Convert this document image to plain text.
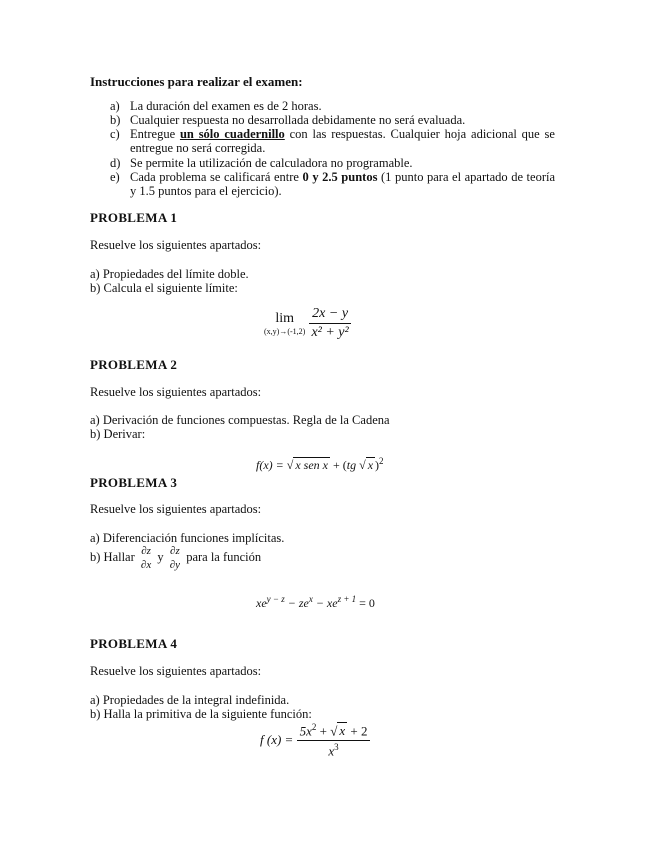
Instrucciones para realizar el examen:
a) La duración del examen es de 2 horas.
b) Cualquier respuesta no desarrollada debidamente no será evaluada.
c) Entregue un sólo cuadernillo con las respuestas. Cualquier hoja adicional que se entregue no será corregida.
d) Se permite la utilización de calculadora no programable.
e) Cada problema se calificará entre 0 y 2.5 puntos (1 punto para el apartado de teoría y 1.5 puntos para el ejercicio).
PROBLEMA 1
Resuelve los siguientes apartados:
a) Propiedades del límite doble.
b) Calcula el siguiente límite:
lim
(x,y)→(-1,2)
$\frac{2x - y}{\text{x² + y²}}$
PROBLEMA 2
Resuelve los siguientes apartados:
a) Derivación de funciones compuestas. Regla de la Cadena
b) Derivar:
f(x) = √ x sen x + (tg √ x )$^2$
PROBLEMA 3
Resuelve los siguientes apartados:
a) Diferenciación funciones implícitas.
b) Hallar ∂z
∂x
y ∂z
∂y
para la función
$xe^{y - z} - ze^x - xe^{z + 1} = 0$
PROBLEMA 4
Resuelve los siguientes apartados:
a) Propiedades de la integral indefinida.
b) Halla la primitiva de la siguiente función:
f $(x) = \frac{5x^2 + √ x + 2}{x^3}$
